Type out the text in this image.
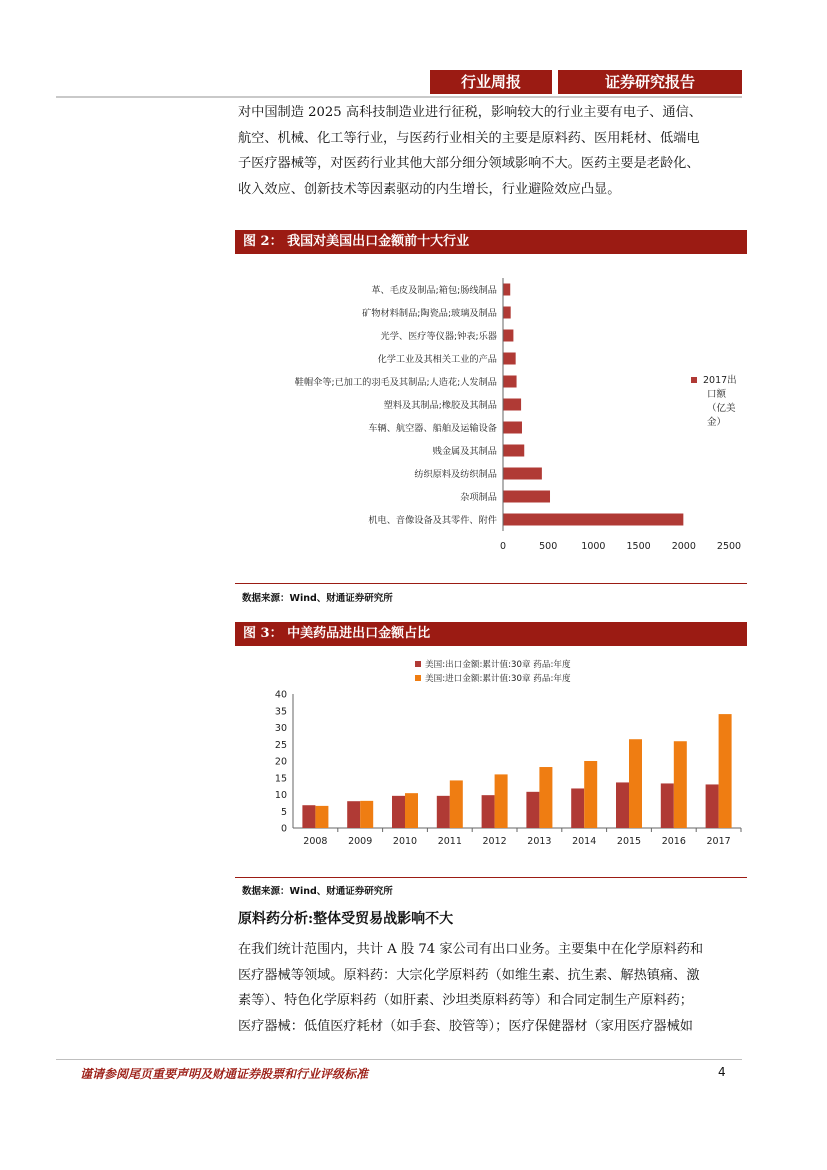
行业周报	证券研究报告

对中国制造 2025 高科技制造业进行征税，影响较大的行业主要有电子、通信、

航空、机械、化工等行业，与医药行业相关的主要是原料药、医用耗材、低端电

子医疗器械等，对医药行业其他大部分细分领域影响不大。医药主要是老龄化、

收入效应、创新技术等因素驱动的内生增长，行业避险效应凸显。

图 2： 我国对美国出口金额前十大行业
机电、音像设备及其零件、附件
杂项制品
纺织原料及纺织制品
贱金属及其制品
车辆、航空器、船舶及运输设备
塑料及其制品;橡胶及其制品
鞋帽伞等;已加工的羽毛及其制品;人造花;人发制品
化学工业及其相关工业的产品
光学、医疗等仪器;钟表;乐器
矿物材料制品;陶瓷品;玻璃及制品
革、毛皮及制品;箱包;肠线制品
0	500	1000 1500 2000 2500
2017出
口额
（亿美
金）
数据来源：Wind、财通证券研究所
图 3： 中美药品进出口金额占比
美国:出口金额:累计值:30章 药品:年度
美国:进口金额:累计值:30章 药品:年度
0
5
10
15
20
25
30
35
40
2008 2009 2010 2011 2012 2013 2014 2015 2016 2017
数据来源：Wind、财通证券研究所
原料药分析:整体受贸易战影响不大

在我们统计范围内，共计 A 股 74 家公司有出口业务。主要集中在化学原料药和

医疗器械等领域。原料药：大宗化学原料药（如维生素、抗生素、解热镇痛、激

素等）、特色化学原料药（如肝素、沙坦类原料药等）和合同定制生产原料药；

医疗器械：低值医疗耗材（如手套、胶管等）；医疗保健器材（家用医疗器械如

谨请参阅尾页重要声明及财通证券股票和行业评级标准	4
